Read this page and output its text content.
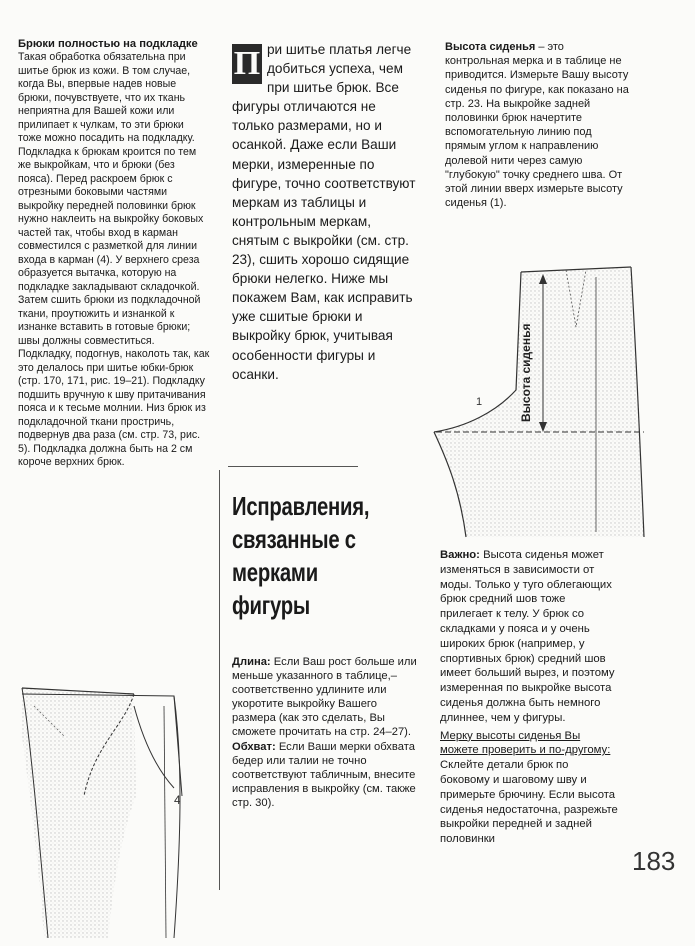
Брюки полностью на подкладке

Такая обработка обязательна при шитье брюк из кожи. В том случае, когда Вы, впервые надев новые брюки, почувствуете, что их ткань неприятна для Вашей кожи или прилипает к чулкам, то эти брюки тоже можно посадить на подкладку.

Подкладка к брюкам кроится по тем же выкройкам, что и брюки (без пояса). Перед раскроем брюк с отрезными боковыми частями выкройку передней половинки брюк нужно наклеить на выкройку боковых частей так, чтобы вход в карман совместился с разметкой для линии входа в карман (4). У верхнего среза образуется вытачка, которую на подкладке закладывают складочкой. Затем сшить брюки из подкладочной ткани, проутюжить и изнанкой к изнанке вставить в готовые брюки; швы должны совместиться. Подкладку, подогнув, наколоть так, как это делалось при шитье юбки-брюк (стр. 170, 171, рис. 19–21). Подкладку подшить вручную к шву притачивания пояса и к тесьме молнии. Низ брюк из подкладочной ткани простричь, подвернув два раза (см. стр. 73, рис. 5). Подкладка должна быть на 2 см короче верхних брюк.

4
П ри шитье платья легче добиться успеха, чем при шитье брюк. Все фигуры отличаются не только размерами, но и осанкой. Даже если Ваши мерки, измеренные по фигуре, точно соответствуют меркам из таблицы и контрольным меркам, снятым с выкройки (см. стр. 23), сшить хорошо сидящие брюки нелегко. Ниже мы покажем Вам, как исправить уже сшитые брюки и выкройку брюк, учитывая особенности фигуры и осанки.
Исправления, связанные с мерками фигуры
Длина: Если Ваш рост больше или меньше указанного в таблице,– соответственно удлините или укоротите выкройку Вашего размера (как это сделать, Вы сможете прочитать на стр. 24–27).
Обхват: Если Ваши мерки обхвата бедер или талии не точно соответствуют табличным, внесите исправления в выкройку (см. также стр. 30).
Высота сиденья – это контрольная мерка и в таблице не приводится. Измерьте Вашу высоту сиденья по фигуре, как показано на стр. 23. На выкройке задней половинки брюк начертите вспомогательную линию под прямым углом к направлению долевой нити через самую "глубокую" точку среднего шва. От этой линии вверх измерьте высоту сиденья (1).
Высота сиденья
1
Важно: Высота сиденья может изменяться в зависимости от моды. Только у туго облегающих брюк средний шов тоже прилегает к телу. У брюк со складками у пояса и у очень широких брюк (например, у спортивных брюк) средний шов имеет больший вырез, и поэтому измеренная по выкройке высота сиденья должна быть немного длиннее, чем у фигуры.
Мерку высоты сиденья Вы можете проверить и по-другому: Склейте детали брюк по боковому и шаговому шву и примерьте брючину. Если высота сиденья недостаточна, разрежьте выкройки передней и задней половинки
183
